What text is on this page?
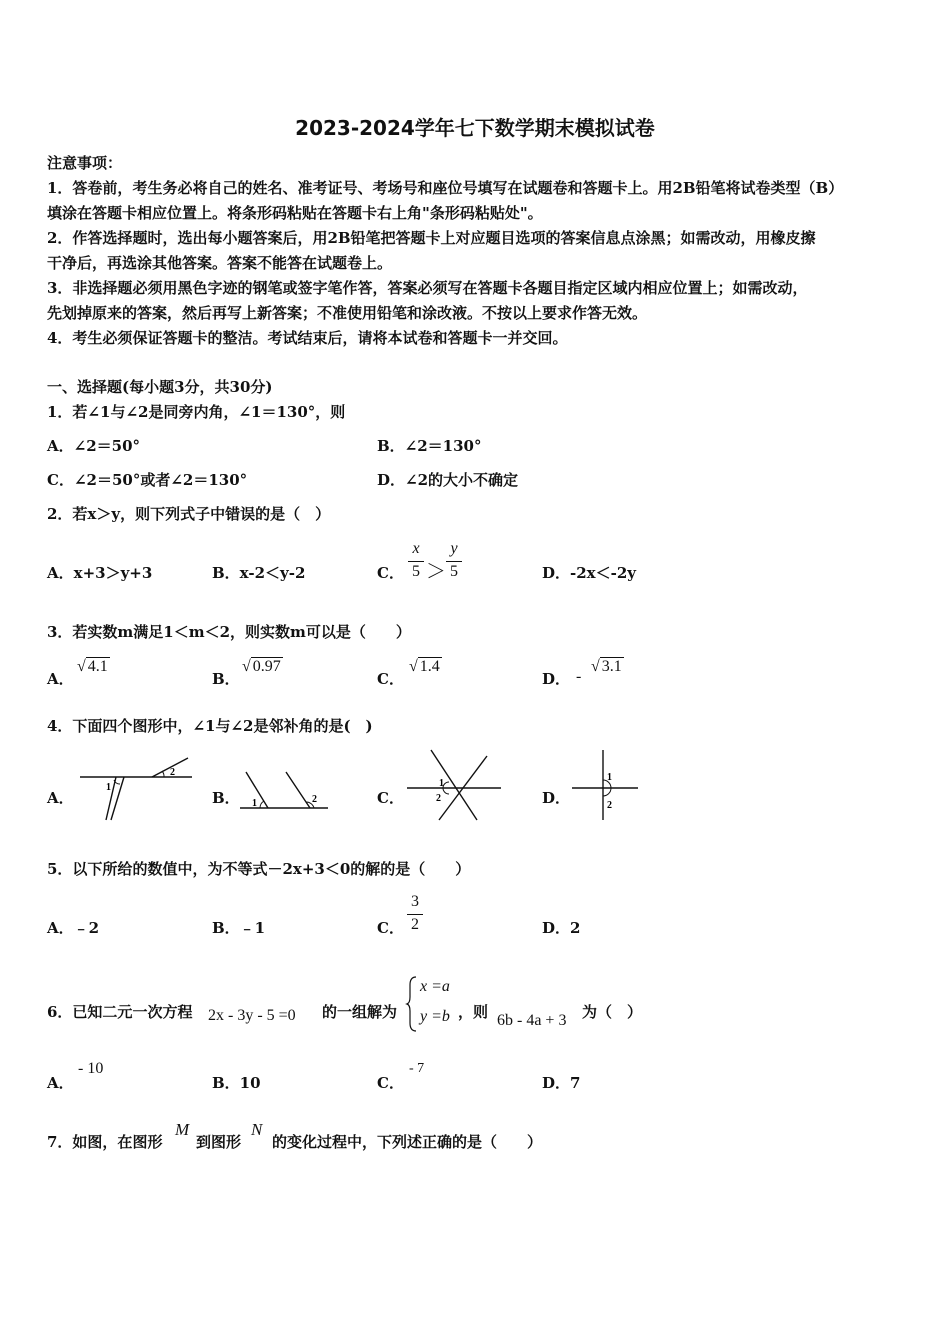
2023-2024学年七下数学期末模拟试卷
注意事项：
1．答卷前，考生务必将自己的姓名、准考证号、考场号和座位号填写在试题卷和答题卡上。用2B铅笔将试卷类型（B）
填涂在答题卡相应位置上。将条形码粘贴在答题卡右上角"条形码粘贴处"。
2．作答选择题时，选出每小题答案后，用2B铅笔把答题卡上对应题目选项的答案信息点涂黑；如需改动，用橡皮擦
干净后，再选涂其他答案。答案不能答在试题卷上。
3．非选择题必须用黑色字迹的钢笔或签字笔作答，答案必须写在答题卡各题目指定区域内相应位置上；如需改动，
先划掉原来的答案，然后再写上新答案；不准使用铅笔和涂改液。不按以上要求作答无效。
4．考生必须保证答题卡的整洁。考试结束后，请将本试卷和答题卡一并交回。
一、选择题(每小题3分，共30分)
1．若∠1与∠2是同旁内角，∠1＝130°，则
A．∠2＝50°	B．∠2＝130°
C．∠2＝50°或者∠2＝130°	D．∠2的大小不确定
2．若x＞y，则下列式子中错误的是（　）
A．x+3＞y+3	B．x-2＜y-2	C．
x
5 ＞
y
5	D．-2x＜-2y
3．若实数m满足1＜m＜2，则实数m可以是（　　）
A．
√ 4.1
B．
√ 0.97
C．
√ 1.4
D． -
√ 3.1
4．下面四个图形中，∠1与∠2是邻补角的是(　)
A．
1
2
B． 1	2	C．
1
2	D．
1
2
5．以下所给的数值中，为不等式－2x+3＜0的解的是（　　）
A．﹣2	B．﹣1	C．
3
2	D．2
6．已知二元一次方程 2x - 3y - 5 =0 的一组解为
x =a
y =b ，则 6b - 4a + 3 为（　）
A．
- 10
B．10	C．
- 7
D．7
7．如图，在图形
M
到图形
N
的变化过程中，下列述正确的是（　　）
